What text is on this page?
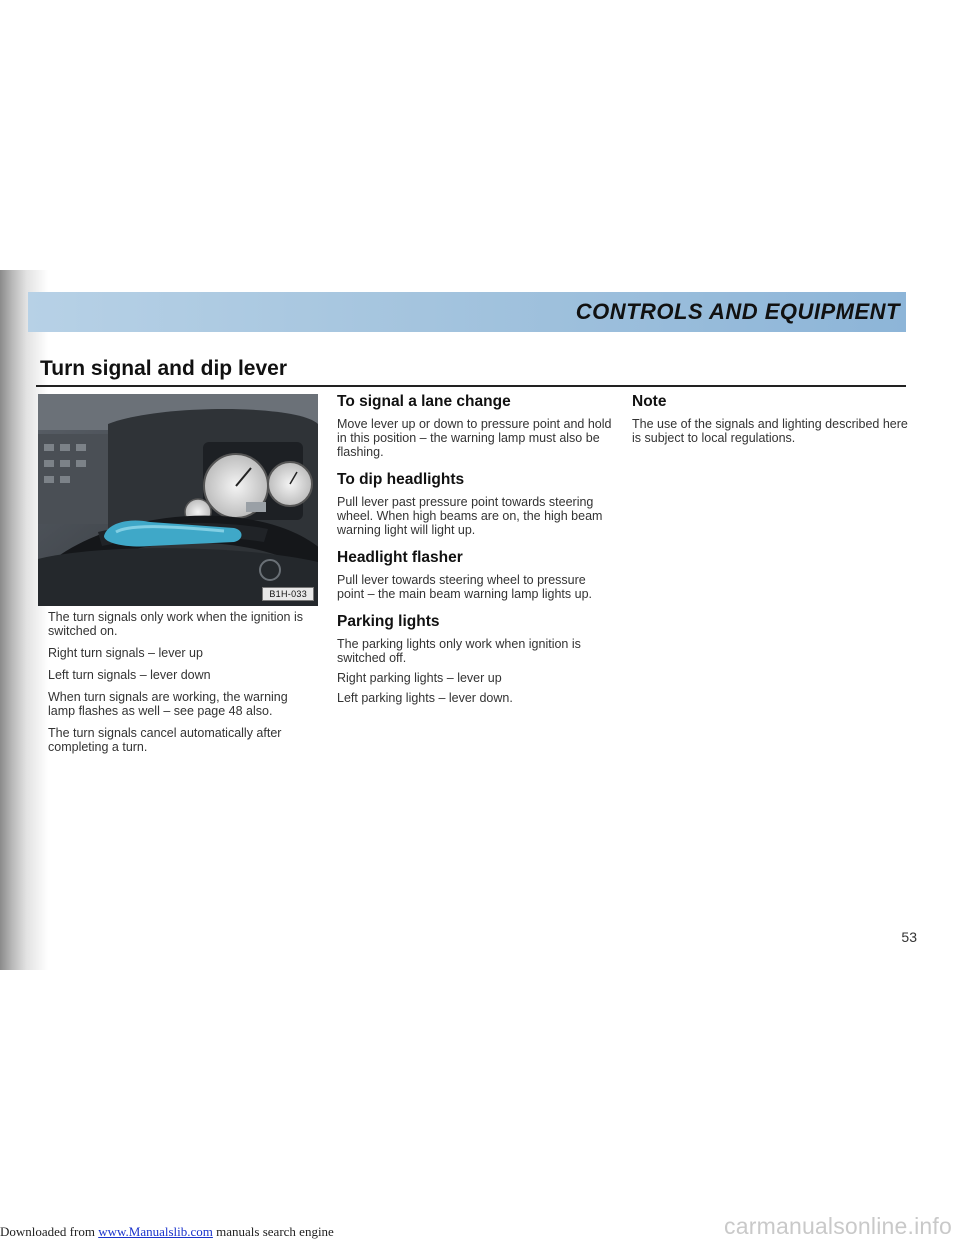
CONTROLS AND EQUIPMENT
Turn signal and dip lever
B1H-033

The turn signals only work when the ignition is switched on.

Right turn signals – lever up

Left turn signals – lever down

When turn signals are working, the warning lamp flashes as well – see page 48 also.

The turn signals cancel automatically after completing a turn.

To signal a lane change

Move lever up or down to pressure point and hold in this position – the warning lamp must also be flashing.

To dip headlights

Pull lever past pressure point towards steering wheel. When high beams are on, the high beam warning light will light up.

Headlight flasher

Pull lever towards steering wheel to pressure point – the main beam warning lamp lights up.

Parking lights

The parking lights only work when ignition is switched off.

Right parking lights – lever up

Left parking lights – lever down.

Note

The use of the signals and lighting described here is subject to local regulations.

53
Downloaded from www.Manualslib.com manuals search engine	carmanualsonline.info
